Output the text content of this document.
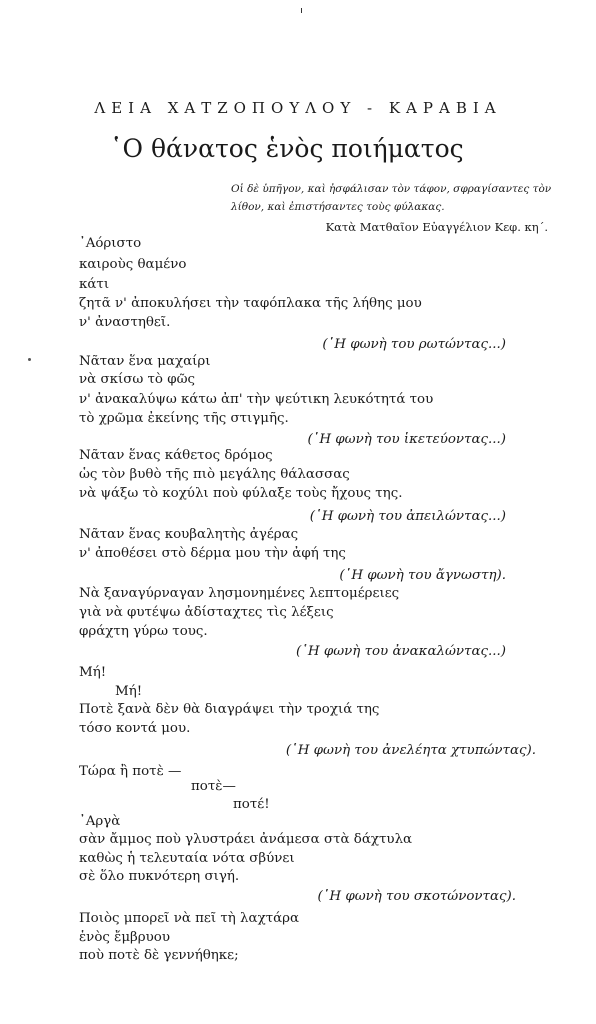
ΛΕΙΑ ΧΑΤΖΟΠΟΥΛΟΥ - ΚΑΡΑΒΙΑ
῾Ο θάνατος ἑνὸς ποιήματος
Οἱ δὲ ὑπῆγον, καὶ ἠσφάλισαν τὸν τάφον, σφραγίσαντες τὸν λίθον, καὶ ἐπιστήσαντες τοὺς φύλακας.
Κατὰ Ματθαῖον Εὐαγγέλιον Κεφ. κη΄.
᾿Αόριστο
καιροὺς θαμένο
κάτι
ζητᾶ ν' ἀποκυλήσει τὴν ταφόπλακα τῆς λήθης μου
ν' ἀναστηθεῖ.
(῾Η φωνὴ του ρωτώντας...)
Νᾶταν ἕνα μαχαίρι
νὰ σκίσω τὸ φῶς
ν' ἀνακαλύψω κάτω ἀπ' τὴν ψεύτικη λευκότητά του
τὸ χρῶμα ἐκείνης τῆς στιγμῆς.
(῾Η φωνὴ του ἱκετεύοντας...)
Νᾶταν ἕνας κάθετος δρόμος
ὡς τὸν βυθὸ τῆς πιὸ μεγάλης θάλασσας
νὰ ψάξω τὸ κοχύλι ποὺ φύλαξε τοὺς ἤχους της.
(῾Η φωνὴ του ἀπειλώντας...)
Νᾶταν ἕνας κουβαλητὴς ἀγέρας
ν' ἀποθέσει στὸ δέρμα μου τὴν ἀφή της
(῾Η φωνὴ του ἄγνωστη).
Νὰ ξαναγύρναγαν λησμονημένες λεπτομέρειες
γιὰ νὰ φυτέψω ἀδίσταχτες τὶς λέξεις
φράχτη γύρω τους.
(῾Η φωνὴ του ἀνακαλώντας...)
Μή!
Μή!
Ποτὲ ξανὰ δὲν θὰ διαγράψει τὴν τροχιά της
τόσο κοντά μου.
(῾Η φωνὴ του ἀνελέητα χτυπώντας).
Τώρα ἢ ποτὲ —
ποτὲ—
ποτέ!
᾿Αργὰ
σὰν ἄμμος ποὺ γλυστράει ἀνάμεσα στὰ δάχτυλα
καθὼς ἡ τελευταία νότα σβύνει
σὲ ὅλο πυκνότερη σιγή.
(῾Η φωνὴ του σκοτώνοντας).
Ποιὸς μπορεῖ νὰ πεῖ τὴ λαχτάρα
ἑνὸς ἔμβρυου
ποὺ ποτὲ δὲ γεννήθηκε;
